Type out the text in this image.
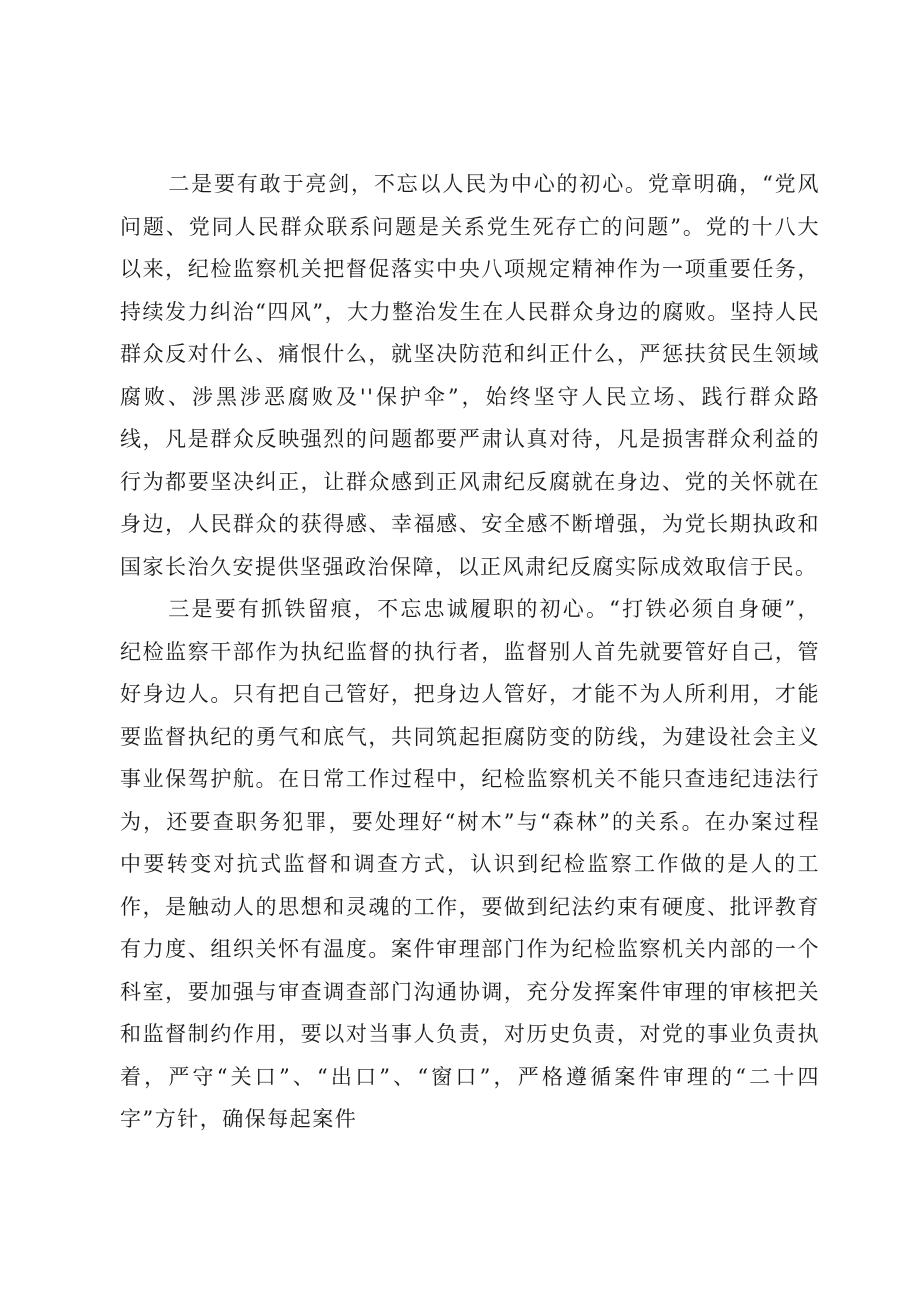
二是要有敢于亮剑，不忘以人民为中心的初心。党章明确，“党风问题、党同人民群众联系问题是关系党生死存亡的问题”。党的十八大以来，纪检监察机关把督促落实中央八项规定精神作为一项重要任务，持续发力纠治“四风”，大力整治发生在人民群众身边的腐败。坚持人民群众反对什么、痛恨什么，就坚决防范和纠正什么，严惩扶贫民生领域腐败、涉黑涉恶腐败及''保护伞”，始终坚守人民立场、践行群众路线，凡是群众反映强烈的问题都要严肃认真对待，凡是损害群众利益的行为都要坚决纠正，让群众感到正风肃纪反腐就在身边、党的关怀就在身边，人民群众的获得感、幸福感、安全感不断增强，为党长期执政和国家长治久安提供坚强政治保障，以正风肃纪反腐实际成效取信于民。

三是要有抓铁留痕，不忘忠诚履职的初心。“打铁必须自身硬”，纪检监察干部作为执纪监督的执行者，监督别人首先就要管好自己，管好身边人。只有把自己管好，把身边人管好，才能不为人所利用，才能要监督执纪的勇气和底气，共同筑起拒腐防变的防线，为建设社会主义事业保驾护航。在日常工作过程中，纪检监察机关不能只查违纪违法行为，还要查职务犯罪，要处理好“树木”与“森林”的关系。在办案过程中要转变对抗式监督和调查方式，认识到纪检监察工作做的是人的工作，是触动人的思想和灵魂的工作，要做到纪法约束有硬度、批评教育有力度、组织关怀有温度。案件审理部门作为纪检监察机关内部的一个科室，要加强与审查调查部门沟通协调，充分发挥案件审理的审核把关和监督制约作用，要以对当事人负责，对历史负责，对党的事业负责执着，严守“关口”、“出口”、“窗口”，严格遵循案件审理的“二十四字”方针，确保每起案件
